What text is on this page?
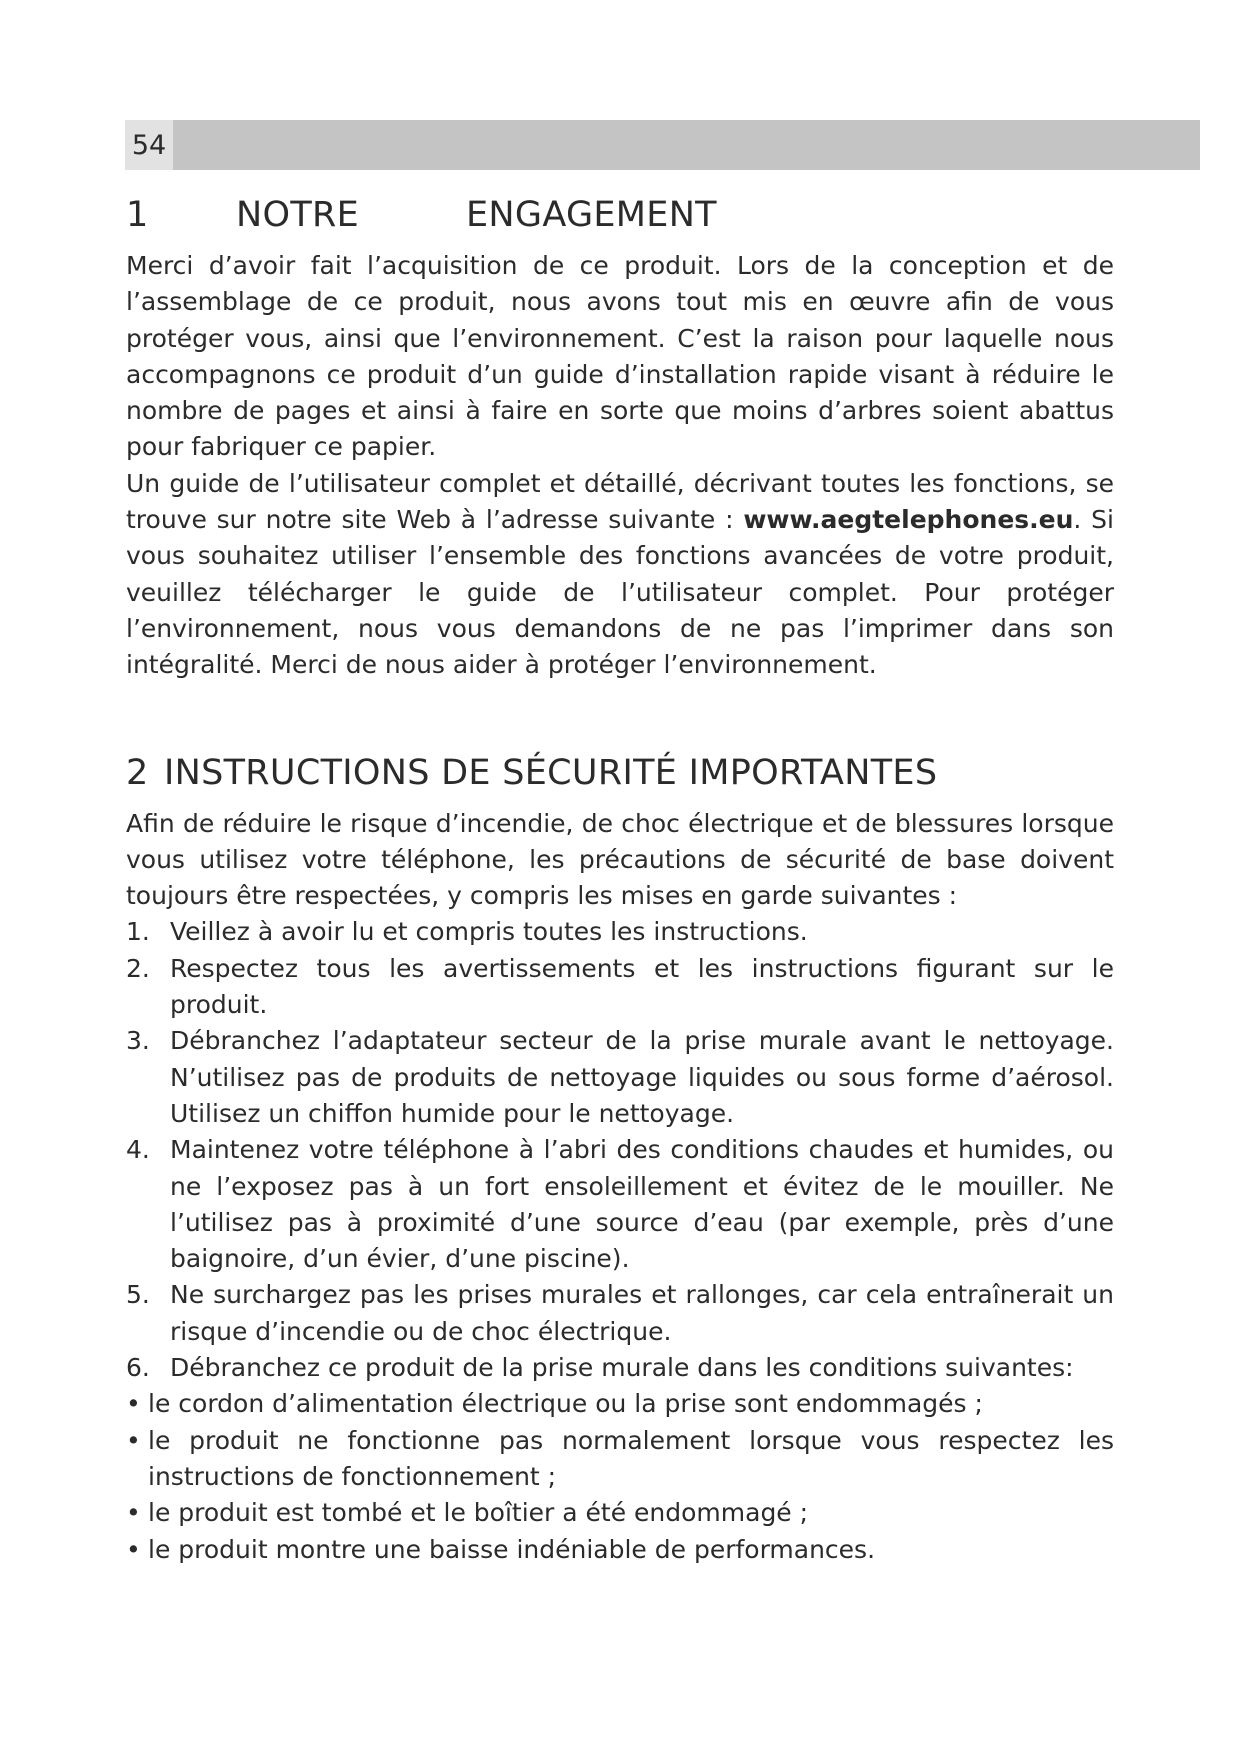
54
1 NOTRE	ENGAGEMENT

Merci d’avoir fait l’acquisition de ce produit. Lors de la conception et de l’assemblage de ce produit, nous avons tout mis en œuvre afin de vous protéger vous, ainsi que l’environnement. C’est la raison pour laquelle nous accompagnons ce produit d’un guide d’installation rapide visant à réduire le nombre de pages et ainsi à faire en sorte que moins d’arbres soient abattus pour fabriquer ce papier.

Un guide de l’utilisateur complet et détaillé, décrivant toutes les fonctions, se trouve sur notre site Web à l’adresse suivante : www.aegtelephones.eu. Si vous souhaitez utiliser l’ensemble des fonctions avancées de votre produit, veuillez télécharger le guide de l’utilisateur complet. Pour protéger l’environnement, nous vous demandons de ne pas l’imprimer dans son intégralité. Merci de nous aider à protéger l’environnement.

2 INSTRUCTIONS DE SÉCURITÉ IMPORTANTES

Afin de réduire le risque d’incendie, de choc électrique et de blessures lorsque vous utilisez votre téléphone, les précautions de sécurité de base doivent toujours être respectées, y compris les mises en garde suivantes :

1. Veillez à avoir lu et compris toutes les instructions.
2. Respectez tous les avertissements et les instructions figurant sur le produit.
3. Débranchez l’adaptateur secteur de la prise murale avant le nettoyage. N’utilisez pas de produits de nettoyage liquides ou sous forme d’aérosol. Utilisez un chiffon humide pour le nettoyage.
4. Maintenez votre téléphone à l’abri des conditions chaudes et humides, ou ne l’exposez pas à un fort ensoleillement et évitez de le mouiller. Ne l’utilisez pas à proximité d’une source d’eau (par exemple, près d’une baignoire, d’un évier, d’une piscine).
5. Ne surchargez pas les prises murales et rallonges, car cela entraînerait un risque d’incendie ou de choc électrique.
6. Débranchez ce produit de la prise murale dans les conditions suivantes:
• le cordon d’alimentation électrique ou la prise sont endommagés ;
• le produit ne fonctionne pas normalement lorsque vous respectez les instructions de fonctionnement ;
• le produit est tombé et le boîtier a été endommagé ;
• le produit montre une baisse indéniable de performances.
